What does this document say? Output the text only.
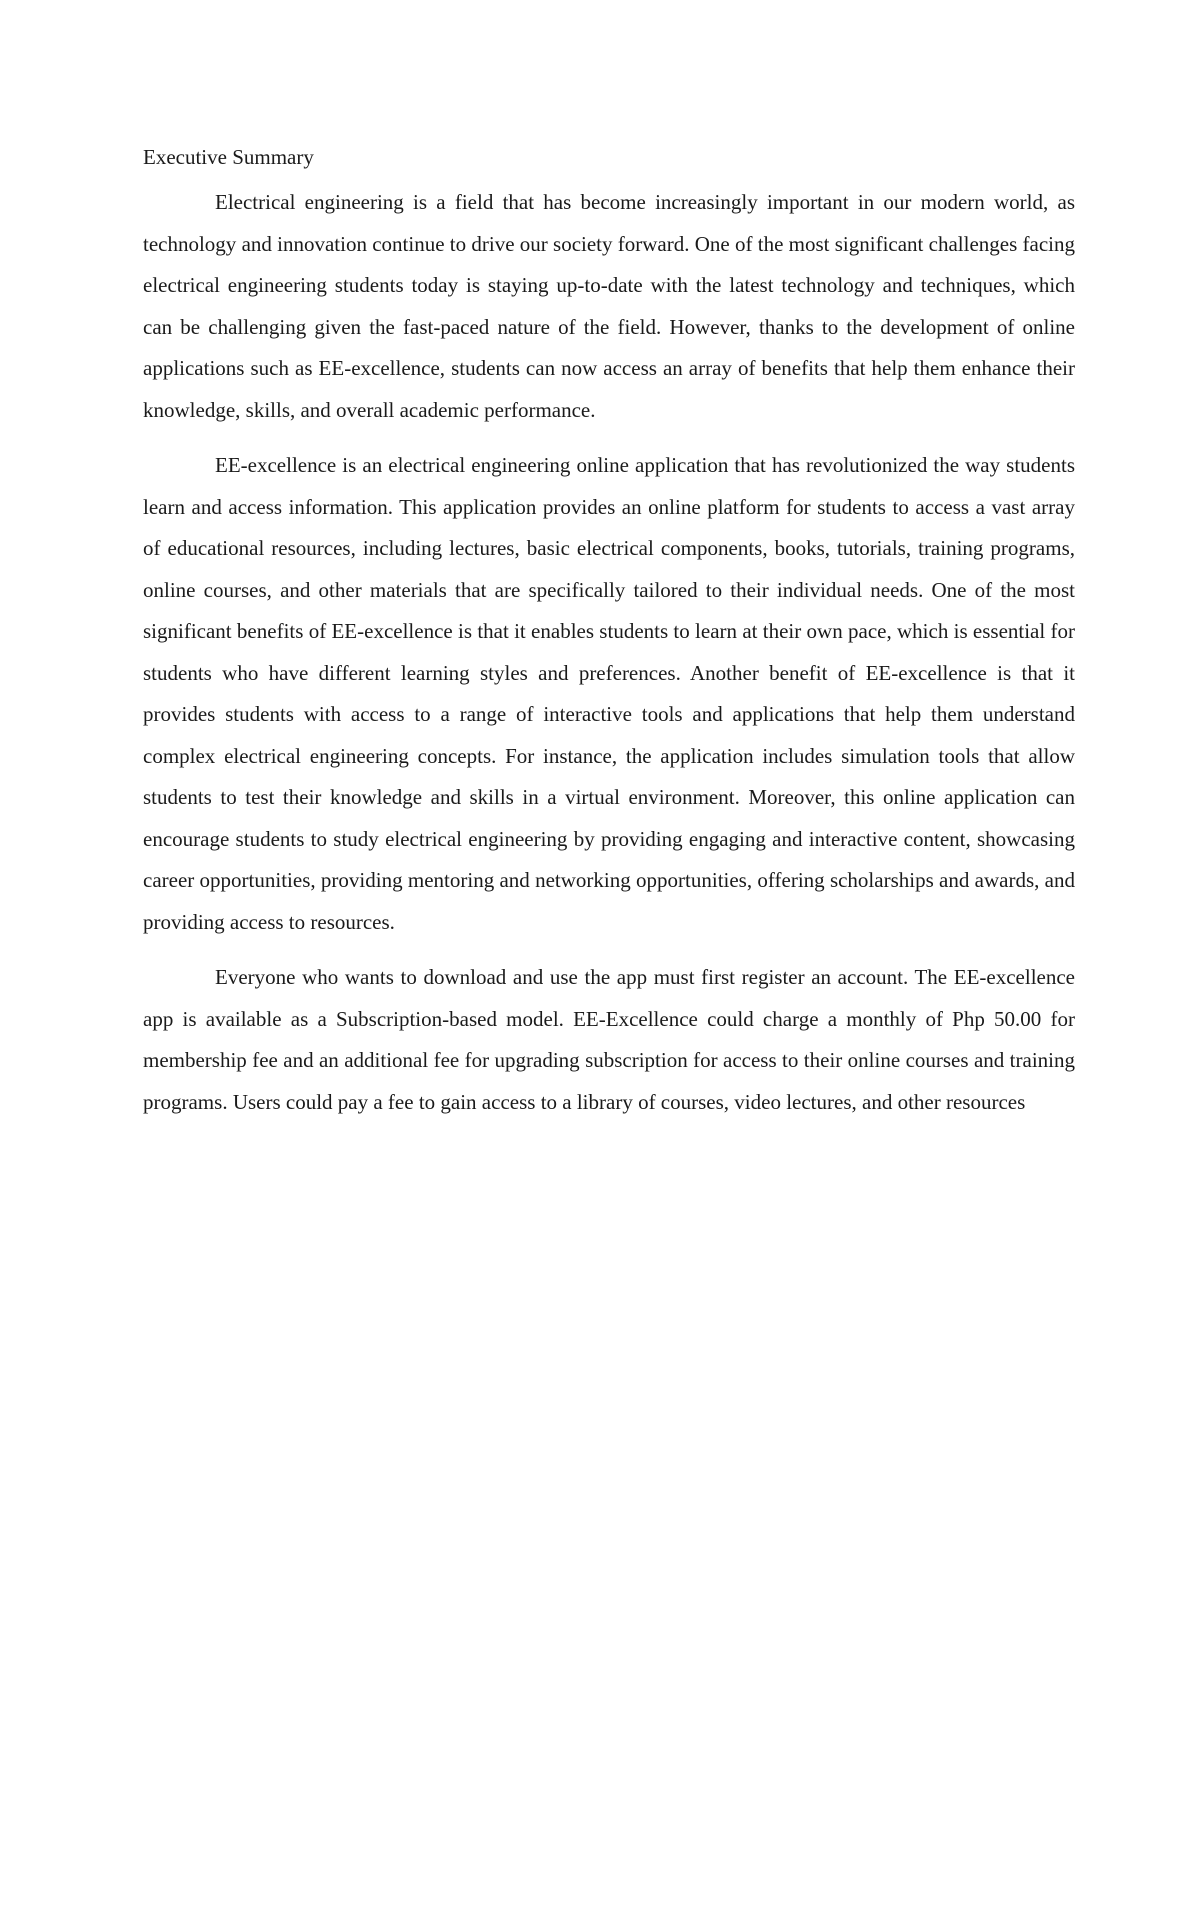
Executive Summary

Electrical engineering is a field that has become increasingly important in our modern world, as technology and innovation continue to drive our society forward. One of the most significant challenges facing electrical engineering students today is staying up-to-date with the latest technology and techniques, which can be challenging given the fast-paced nature of the field. However, thanks to the development of online applications such as EE-excellence, students can now access an array of benefits that help them enhance their knowledge, skills, and overall academic performance.

EE-excellence is an electrical engineering online application that has revolutionized the way students learn and access information. This application provides an online platform for students to access a vast array of educational resources, including lectures, basic electrical components, books, tutorials, training programs, online courses, and other materials that are specifically tailored to their individual needs. One of the most significant benefits of EE-excellence is that it enables students to learn at their own pace, which is essential for students who have different learning styles and preferences. Another benefit of EE-excellence is that it provides students with access to a range of interactive tools and applications that help them understand complex electrical engineering concepts. For instance, the application includes simulation tools that allow students to test their knowledge and skills in a virtual environment. Moreover, this online application can encourage students to study electrical engineering by providing engaging and interactive content, showcasing career opportunities, providing mentoring and networking opportunities, offering scholarships and awards, and providing access to resources.

Everyone who wants to download and use the app must first register an account. The EE-excellence app is available as a Subscription-based model. EE-Excellence could charge a monthly of Php 50.00 for membership fee and an additional fee for upgrading subscription for access to their online courses and training programs. Users could pay a fee to gain access to a library of courses, video lectures, and other resources
